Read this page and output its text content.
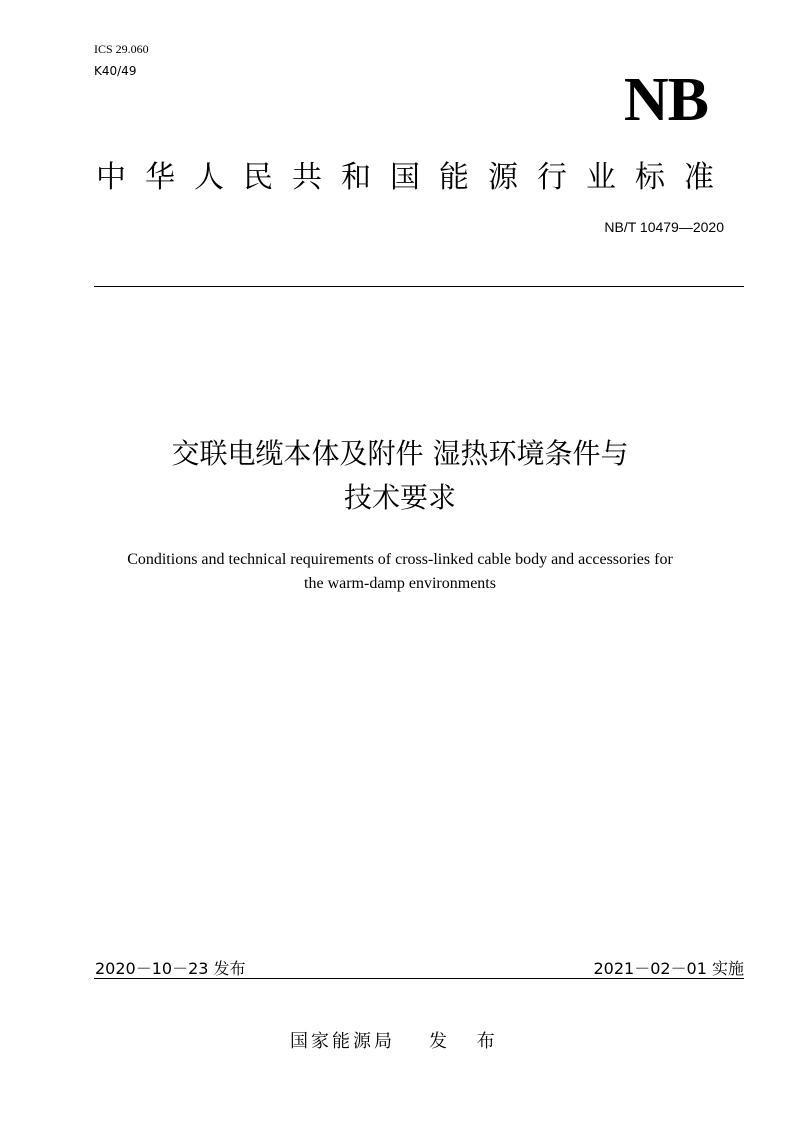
ICS 29.060
K40/49	NB
中华人民共和国能源行业标准
NB/T 10479—2020
交联电缆本体及附件 湿热环境条件与
技术要求
Conditions and technical requirements of cross-linked cable body and accessories for
the warm-damp environments
2020－10－23 发布	2021－02－01 实施
国家能源局 发 布
